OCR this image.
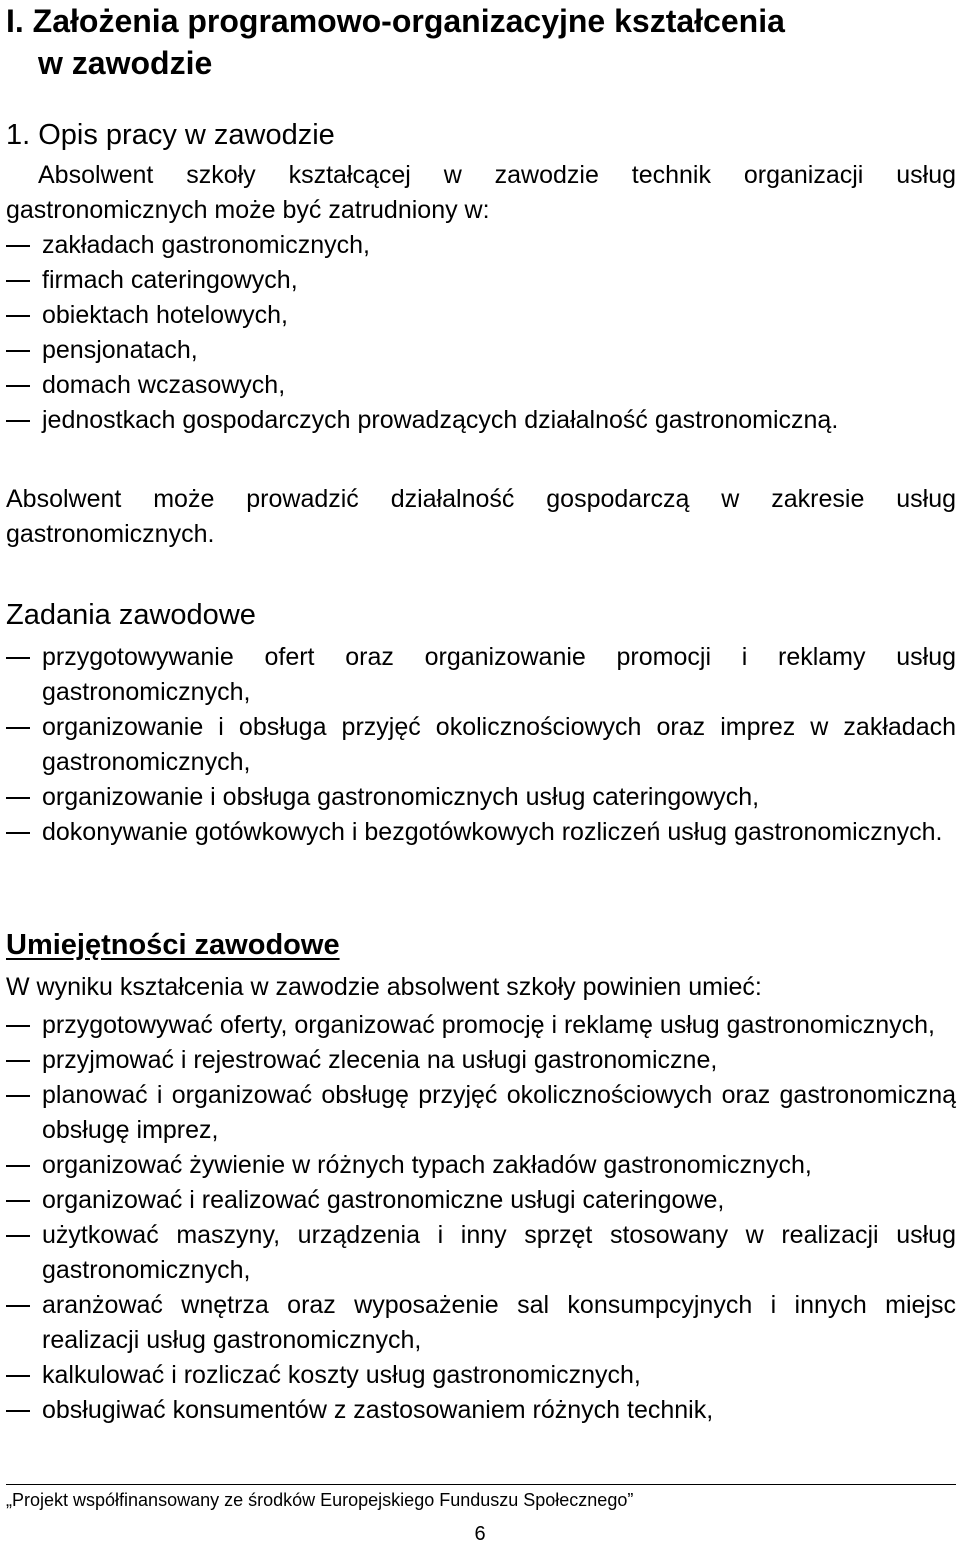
I. Założenia programowo-organizacyjne kształcenia
w zawodzie
1. Opis pracy w zawodzie
Absolwent szkoły kształcącej w zawodzie technik organizacji usług gastronomicznych może być zatrudniony w:
zakładach gastronomicznych,
firmach cateringowych,
obiektach hotelowych,
pensjonatach,
domach wczasowych,
jednostkach gospodarczych prowadzących działalność gastronomiczną.
Absolwent może prowadzić działalność gospodarczą w zakresie usług gastronomicznych.
Zadania zawodowe
przygotowywanie ofert oraz organizowanie promocji i reklamy usług gastronomicznych,
organizowanie i obsługa przyjęć okolicznościowych oraz imprez w zakładach gastronomicznych,
organizowanie i obsługa gastronomicznych usług cateringowych,
dokonywanie gotówkowych i bezgotówkowych rozliczeń usług gastronomicznych.
Umiejętności zawodowe
W wyniku kształcenia w zawodzie absolwent szkoły powinien umieć:
przygotowywać oferty, organizować promocję i reklamę usług gastronomicznych,
przyjmować i rejestrować zlecenia na usługi gastronomiczne,
planować i organizować obsługę przyjęć okolicznościowych oraz gastronomiczną obsługę imprez,
organizować żywienie w różnych typach zakładów gastronomicznych,
organizować i realizować gastronomiczne usługi cateringowe,
użytkować maszyny, urządzenia i inny sprzęt stosowany w realizacji usług gastronomicznych,
aranżować wnętrza oraz wyposażenie sal konsumpcyjnych i innych miejsc realizacji usług gastronomicznych,
kalkulować i rozliczać koszty usług gastronomicznych,
obsługiwać konsumentów z zastosowaniem różnych technik,
„Projekt współfinansowany ze środków Europejskiego Funduszu Społecznego”
6
